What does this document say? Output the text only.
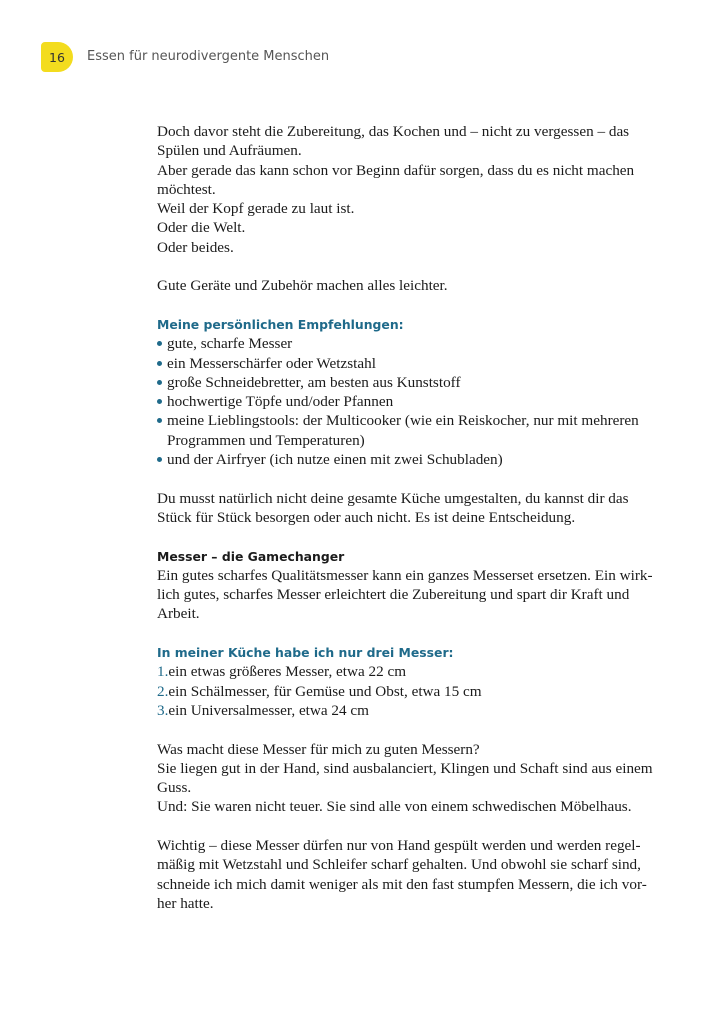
16 Essen für neurodivergente Menschen
Doch davor steht die Zubereitung, das Kochen und – nicht zu vergessen – das
Spülen und Aufräumen.
Aber gerade das kann schon vor Beginn dafür sorgen, dass du es nicht machen
möchtest.
Weil der Kopf gerade zu laut ist.
Oder die Welt.
Oder beides.
Gute Geräte und Zubehör machen alles leichter.
Meine persönlichen Empfehlungen:
gute, scharfe Messer
ein Messerschärfer oder Wetzstahl
große Schneidebretter, am besten aus Kunststoff
hochwertige Töpfe und/oder Pfannen
meine Lieblingstools: der Multicooker (wie ein Reiskocher, nur mit mehreren
Programmen und Temperaturen)
und der Airfryer (ich nutze einen mit zwei Schubladen)
Du musst natürlich nicht deine gesamte Küche umgestalten, du kannst dir das
Stück für Stück besorgen oder auch nicht. Es ist deine Entscheidung.
Messer – die Gamechanger
Ein gutes scharfes Qualitätsmesser kann ein ganzes Messerset ersetzen. Ein wirk-
lich gutes, scharfes Messer erleichtert die Zubereitung und spart dir Kraft und
Arbeit.
In meiner Küche habe ich nur drei Messer:
1.ein etwas größeres Messer, etwa 22 cm
2.ein Schälmesser, für Gemüse und Obst, etwa 15 cm
3.ein Universalmesser, etwa 24 cm
Was macht diese Messer für mich zu guten Messern?
Sie liegen gut in der Hand, sind ausbalanciert, Klingen und Schaft sind aus einem
Guss.
Und: Sie waren nicht teuer. Sie sind alle von einem schwedischen Möbelhaus.
Wichtig – diese Messer dürfen nur von Hand gespült werden und werden regel-
mäßig mit Wetzstahl und Schleifer scharf gehalten. Und obwohl sie scharf sind,
schneide ich mich damit weniger als mit den fast stumpfen Messern, die ich vor-
her hatte.
